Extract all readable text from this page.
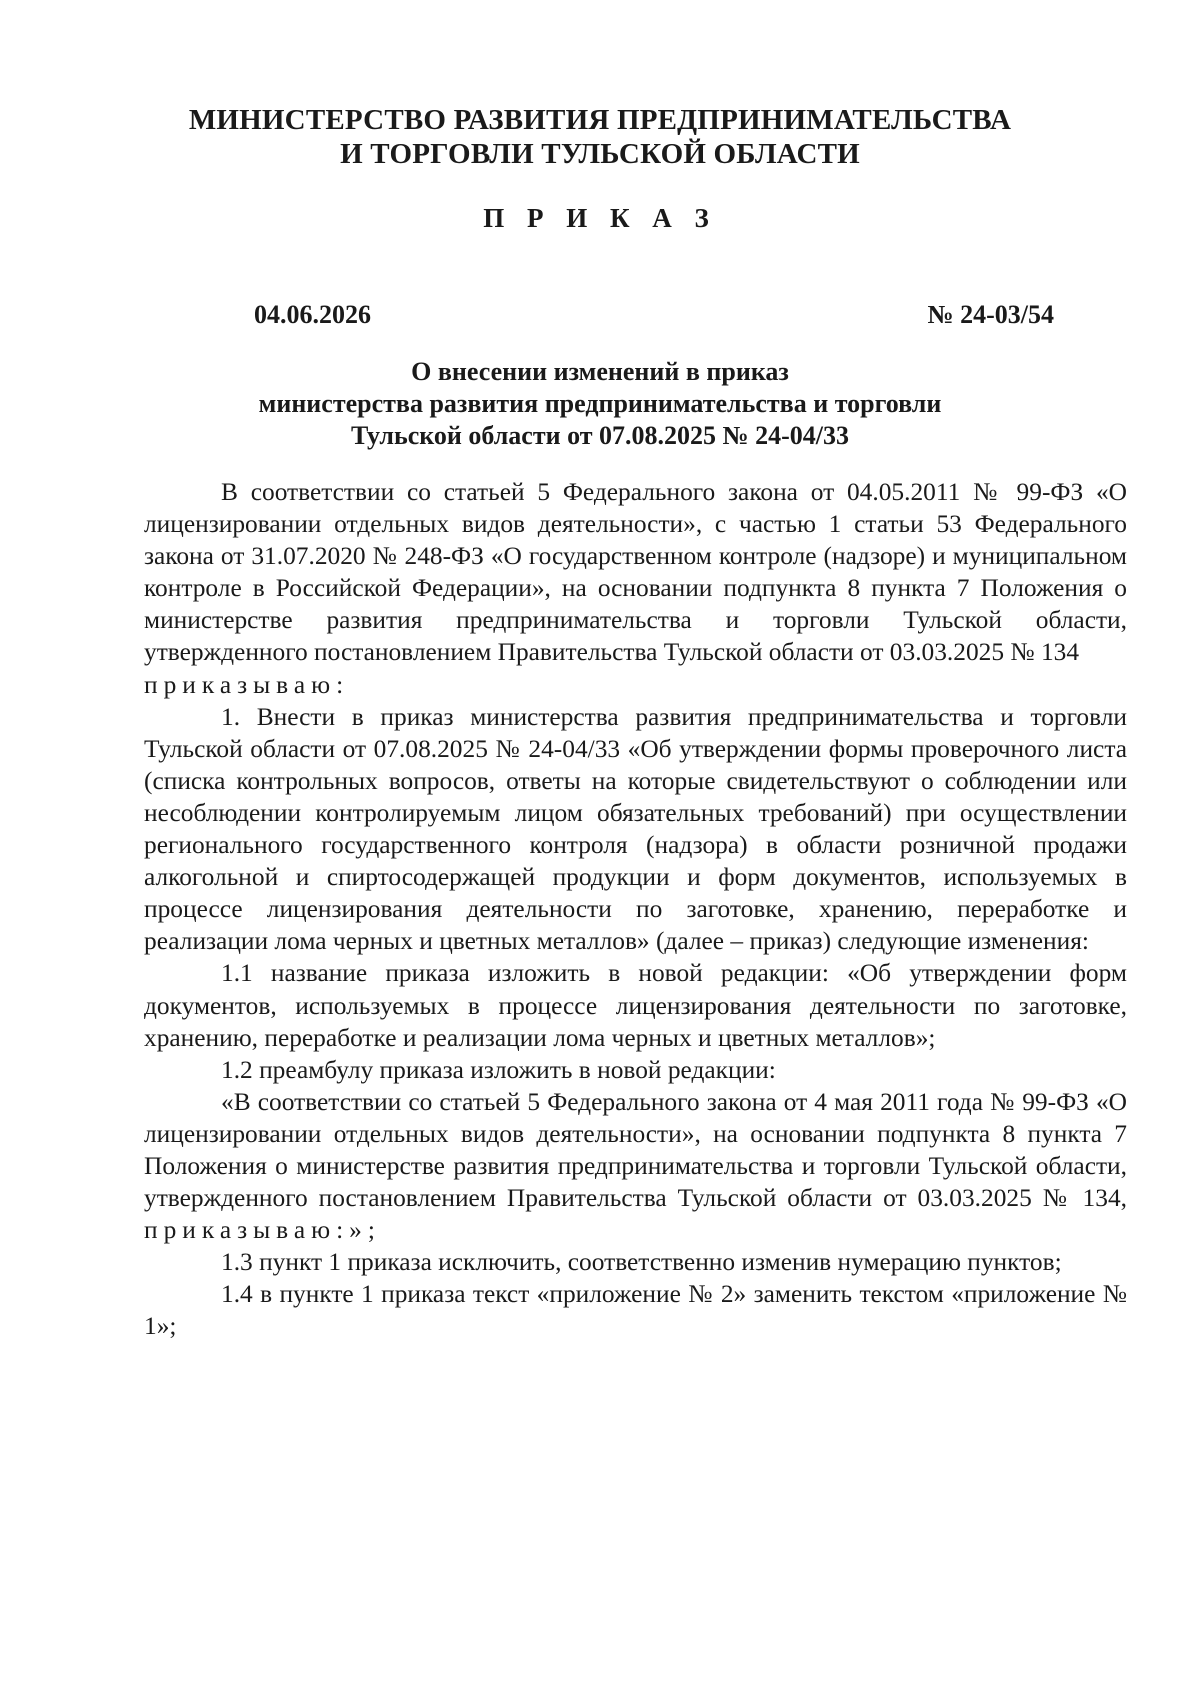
МИНИСТЕРСТВО РАЗВИТИЯ ПРЕДПРИНИМАТЕЛЬСТВА
И ТОРГОВЛИ ТУЛЬСКОЙ ОБЛАСТИ
П Р И К А З
04.06.2026	№ 24-03/54
О внесении изменений в приказ
министерства развития предпринимательства и торговли
Тульской области от 07.08.2025 № 24-04/33

В соответствии со статьей 5 Федерального закона от 04.05.2011 № 99-ФЗ «О лицензировании отдельных видов деятельности», с частью 1 статьи 53 Федерального закона от 31.07.2020 № 248-ФЗ «О государственном контроле (надзоре) и муниципальном контроле в Российской Федерации», на основании подпункта 8 пункта 7 Положения о министерстве развития предпринимательства и торговли Тульской области, утвержденного постановлением Правительства Тульской области от 03.03.2025 № 134

приказываю:

1. Внести в приказ министерства развития предпринимательства и торговли Тульской области от 07.08.2025 № 24-04/33 «Об утверждении формы проверочного листа (списка контрольных вопросов, ответы на которые свидетельствуют о соблюдении или несоблюдении контролируемым лицом обязательных требований) при осуществлении регионального государственного контроля (надзора) в области розничной продажи алкогольной и спиртосодержащей продукции и форм документов, используемых в процессе лицензирования деятельности по заготовке, хранению, переработке и реализации лома черных и цветных металлов» (далее – приказ) следующие изменения:

1.1 название приказа изложить в новой редакции: «Об утверждении форм документов, используемых в процессе лицензирования деятельности по заготовке, хранению, переработке и реализации лома черных и цветных металлов»;

1.2 преамбулу приказа изложить в новой редакции:

«В соответствии со статьей 5 Федерального закона от 4 мая 2011 года № 99-ФЗ «О лицензировании отдельных видов деятельности», на основании подпункта 8 пункта 7 Положения о министерстве развития предпринимательства и торговли Тульской области, утвержденного постановлением Правительства Тульской области от 03.03.2025 № 134, приказываю:»;

1.3 пункт 1 приказа исключить, соответственно изменив нумерацию пунктов;

1.4 в пункте 1 приказа текст «приложение № 2» заменить текстом «приложение № 1»;
